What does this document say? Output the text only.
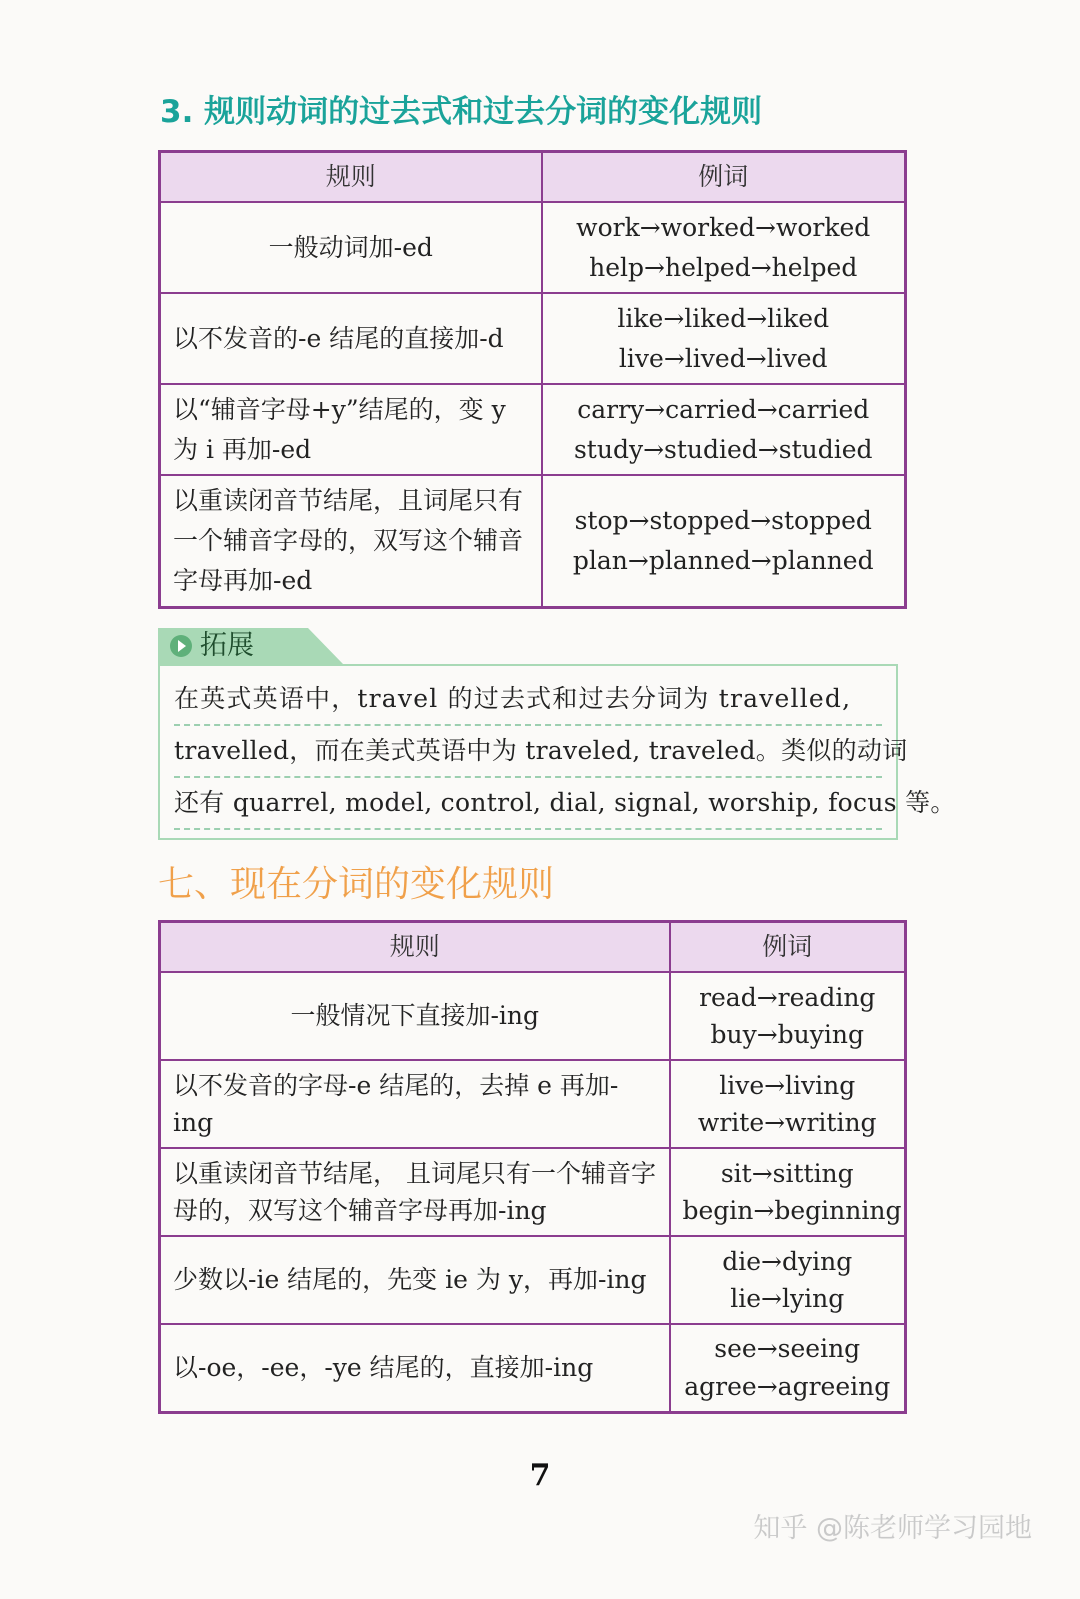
3. 规则动词的过去式和过去分词的变化规则
规则	例词
一般动词加-ed	work→worked→worked
help→helped→helped

以不发音的-e 结尾的直接加-d	like→liked→liked
live→lived→lived

以“辅音字母+y”结尾的，变 y 为 i 再加-ed	carry→carried→carried
study→studied→studied

以重读闭音节结尾，且词尾只有一个辅音字母的，双写这个辅音字母再加-ed	stop→stopped→stopped
plan→planned→planned
拓展
在英式英语中，travel 的过去式和过去分词为 travelled,
travelled，而在美式英语中为 traveled, traveled。类似的动词
还有 quarrel, model, control, dial, signal, worship, focus 等。
七、现在分词的变化规则
规则	例词
一般情况下直接加-ing	read→reading
buy→buying

以不发音的字母-e 结尾的，去掉 e 再加-ing	live→living
write→writing

以重读闭音节结尾， 且词尾只有一个辅音字母的，双写这个辅音字母再加-ing	sit→sitting
begin→beginning

少数以-ie 结尾的，先变 ie 为 y，再加-ing	die→dying
lie→lying

以-oe，-ee，-ye 结尾的，直接加-ing	see→seeing
agree→agreeing
7
知乎 @陈老师学习园地
